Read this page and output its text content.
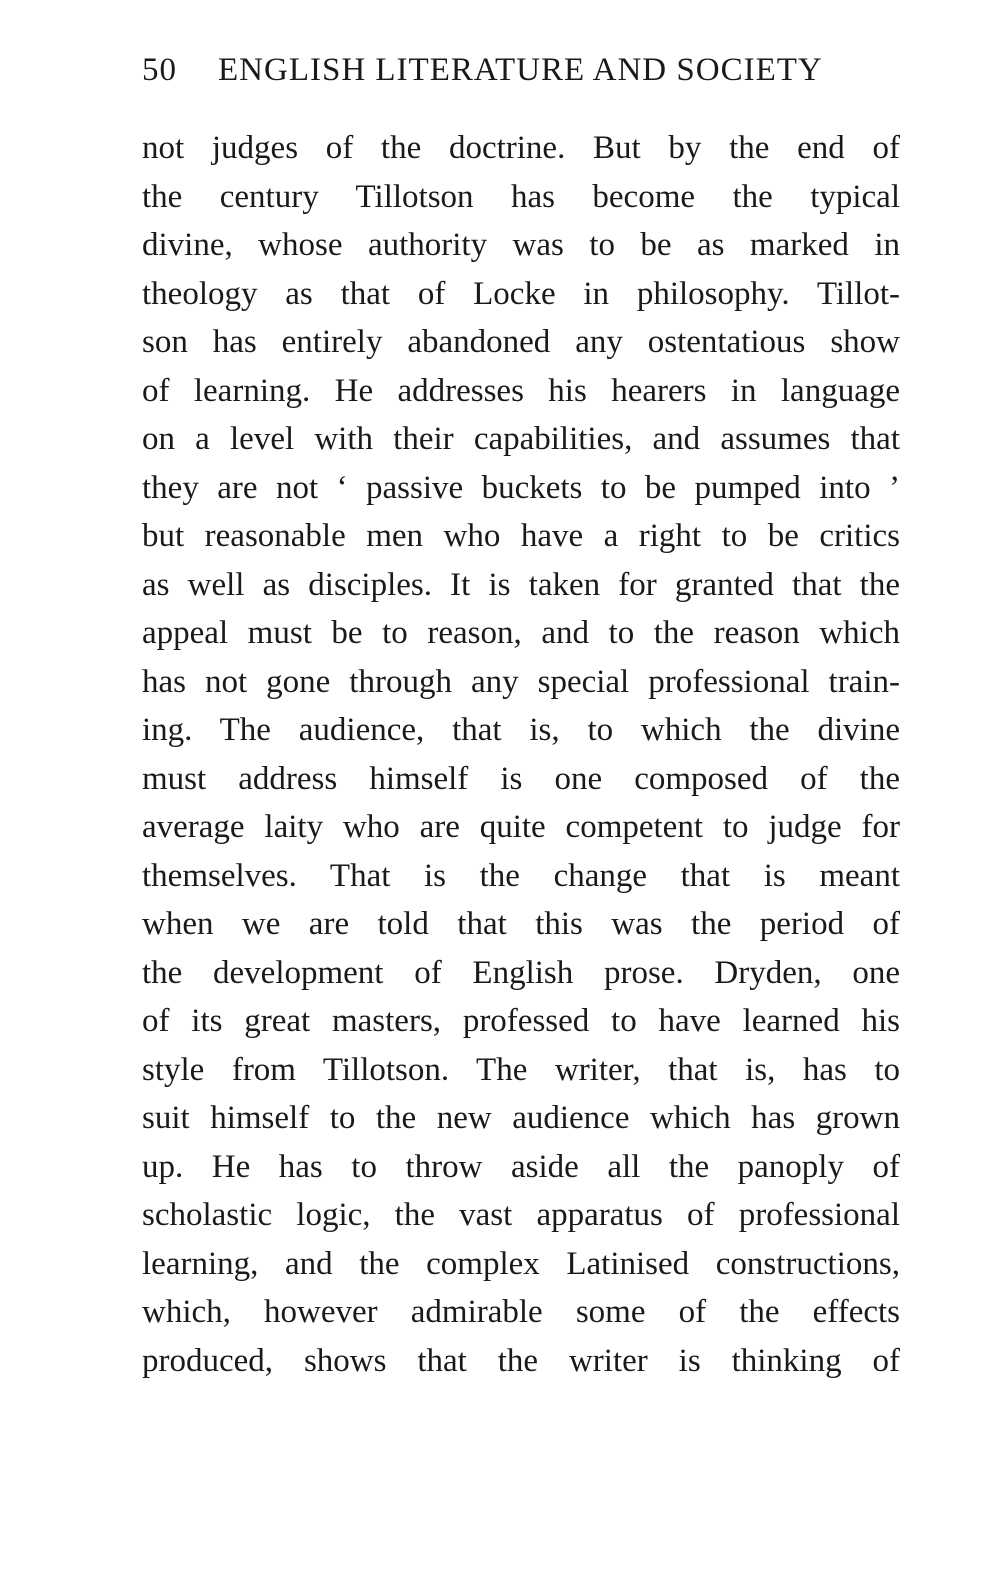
50 ENGLISH LITERATURE AND SOCIETY
not judges of the doctrine. But by the end of
the century Tillotson has become the typical
divine, whose authority was to be as marked in
theology as that of Locke in philosophy. Tillot-
son has entirely abandoned any ostentatious show
of learning. He addresses his hearers in language
on a level with their capabilities, and assumes that
they are not ‘ passive buckets to be pumped into ’
but reasonable men who have a right to be critics
as well as disciples. It is taken for granted that the
appeal must be to reason, and to the reason which
has not gone through any special professional train-
ing. The audience, that is, to which the divine
must address himself is one composed of the
average laity who are quite competent to judge for
themselves. That is the change that is meant
when we are told that this was the period of
the development of English prose. Dryden, one
of its great masters, professed to have learned his
style from Tillotson. The writer, that is, has to
suit himself to the new audience which has grown
up. He has to throw aside all the panoply of
scholastic logic, the vast apparatus of professional
learning, and the complex Latinised constructions,
which, however admirable some of the effects
produced, shows that the writer is thinking of
